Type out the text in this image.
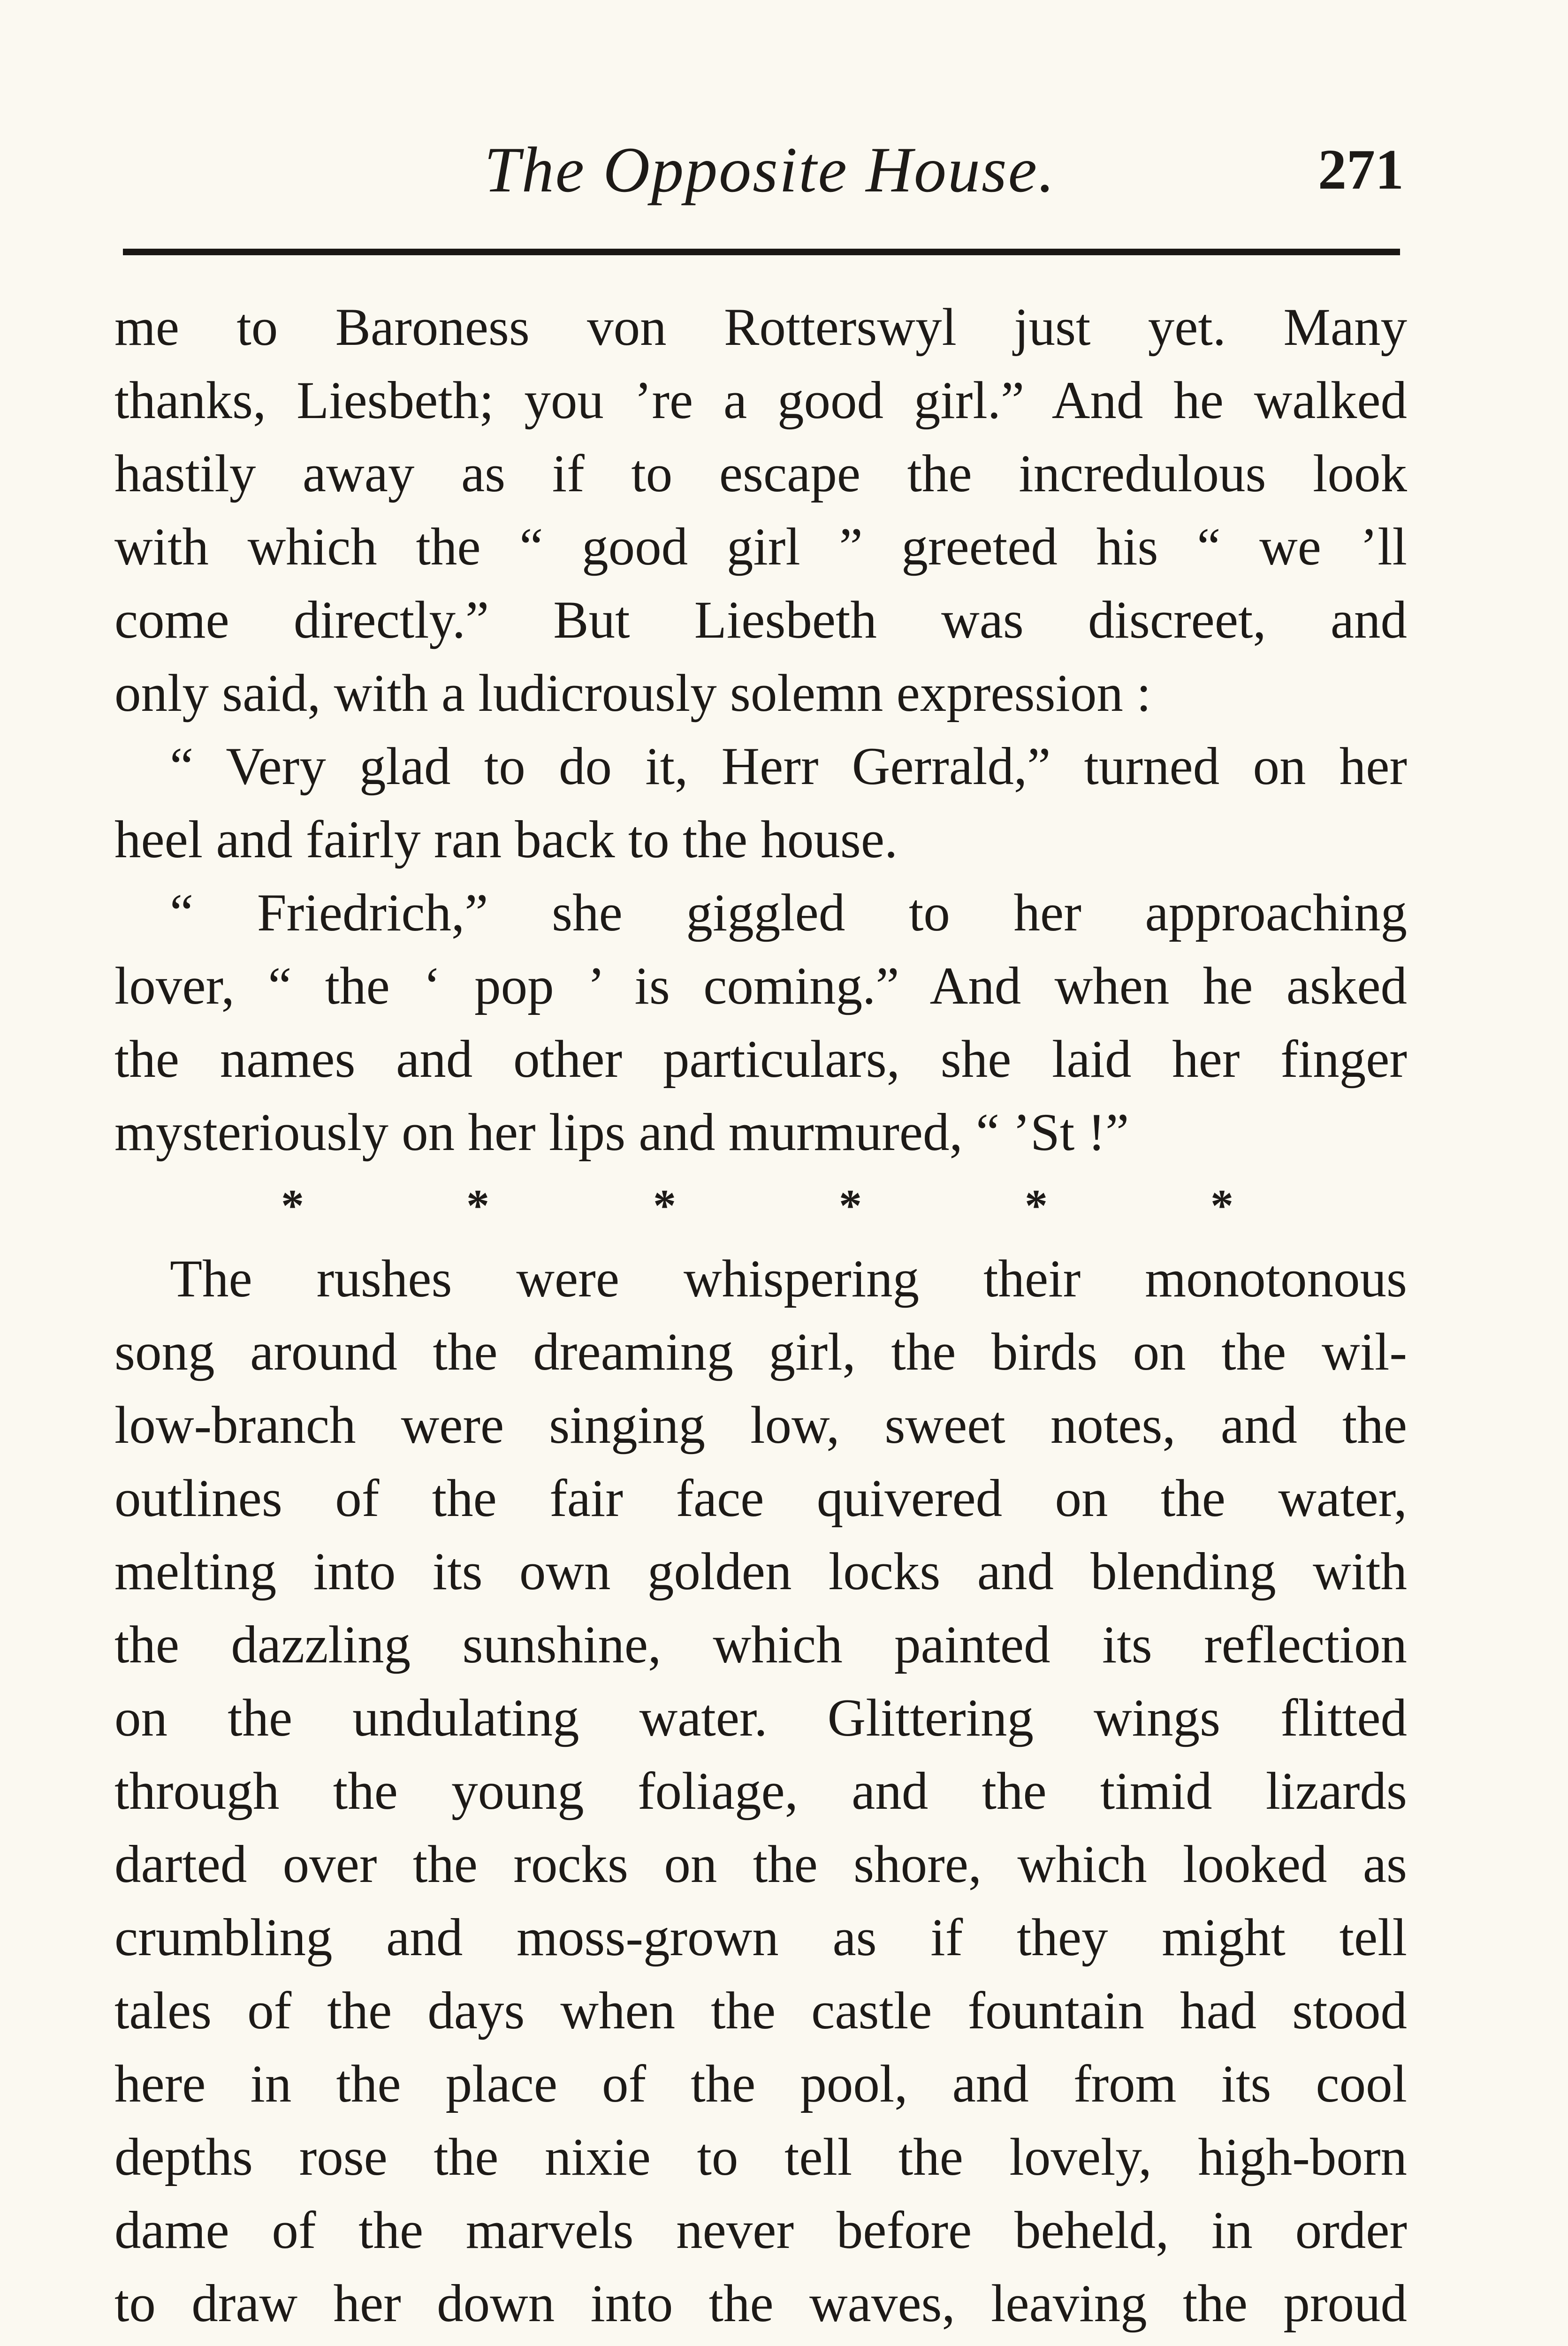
The Opposite House.	271
me to Baroness von Rotterswyl just yet. Many
thanks, Liesbeth; you ’re a good girl.” And he walked
hastily away as if to escape the incredulous look
with which the “ good girl ” greeted his “ we ’ll
come directly.” But Liesbeth was discreet, and
only said, with a ludicrously solemn expression :
“ Very glad to do it, Herr Gerrald,” turned on her
heel and fairly ran back to the house.
“ Friedrich,” she giggled to her approaching
lover, “ the ‘ pop ’ is coming.” And when he asked
the names and other particulars, she laid her finger
mysteriously on her lips and murmured, “ ’St !”
*	*	*	*	*	*
The rushes were whispering their monotonous
song around the dreaming girl, the birds on the wil-
low-branch were singing low, sweet notes, and the
outlines of the fair face quivered on the water,
melting into its own golden locks and blending with
the dazzling sunshine, which painted its reflection
on the undulating water. Glittering wings flitted
through the young foliage, and the timid lizards
darted over the rocks on the shore, which looked as
crumbling and moss-grown as if they might tell
tales of the days when the castle fountain had stood
here in the place of the pool, and from its cool
depths rose the nixie to tell the lovely, high-born
dame of the marvels never before beheld, in order
to draw her down into the waves, leaving the proud
